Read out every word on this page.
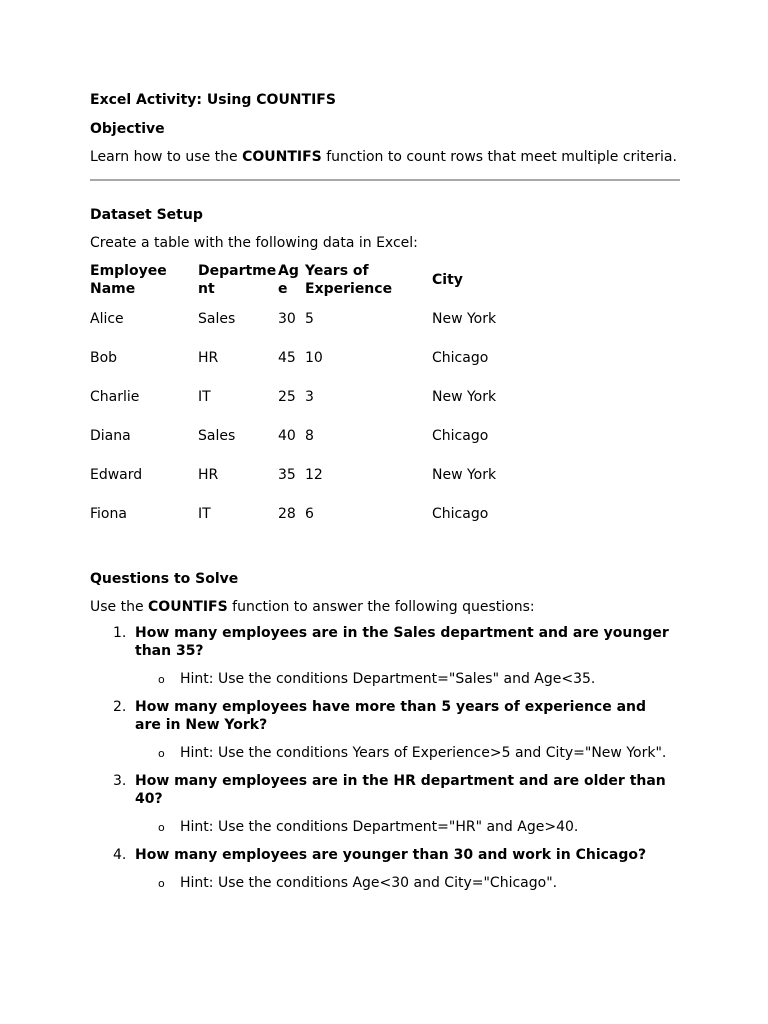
Excel Activity: Using COUNTIFS

Objective

Learn how to use the COUNTIFS function to count rows that meet multiple criteria.

Dataset Setup

Create a table with the following data in Excel:

Employee Name	Department	Age	Years of Experience	City
Alice	Sales	30	5	New York
Bob	HR	45	10	Chicago
Charlie	IT	25	3	New York
Diana	Sales	40	8	Chicago
Edward	HR	35	12	New York
Fiona	IT	28	6	Chicago

Questions to Solve

Use the COUNTIFS function to answer the following questions:

1. How many employees are in the Sales department and are younger than 35?
o Hint: Use the conditions Department="Sales" and Age<35.
2. How many employees have more than 5 years of experience and are in New York?
o Hint: Use the conditions Years of Experience>5 and City="New York".
3. How many employees are in the HR department and are older than 40?
o Hint: Use the conditions Department="HR" and Age>40.
4. How many employees are younger than 30 and work in Chicago?
o Hint: Use the conditions Age<30 and City="Chicago".
